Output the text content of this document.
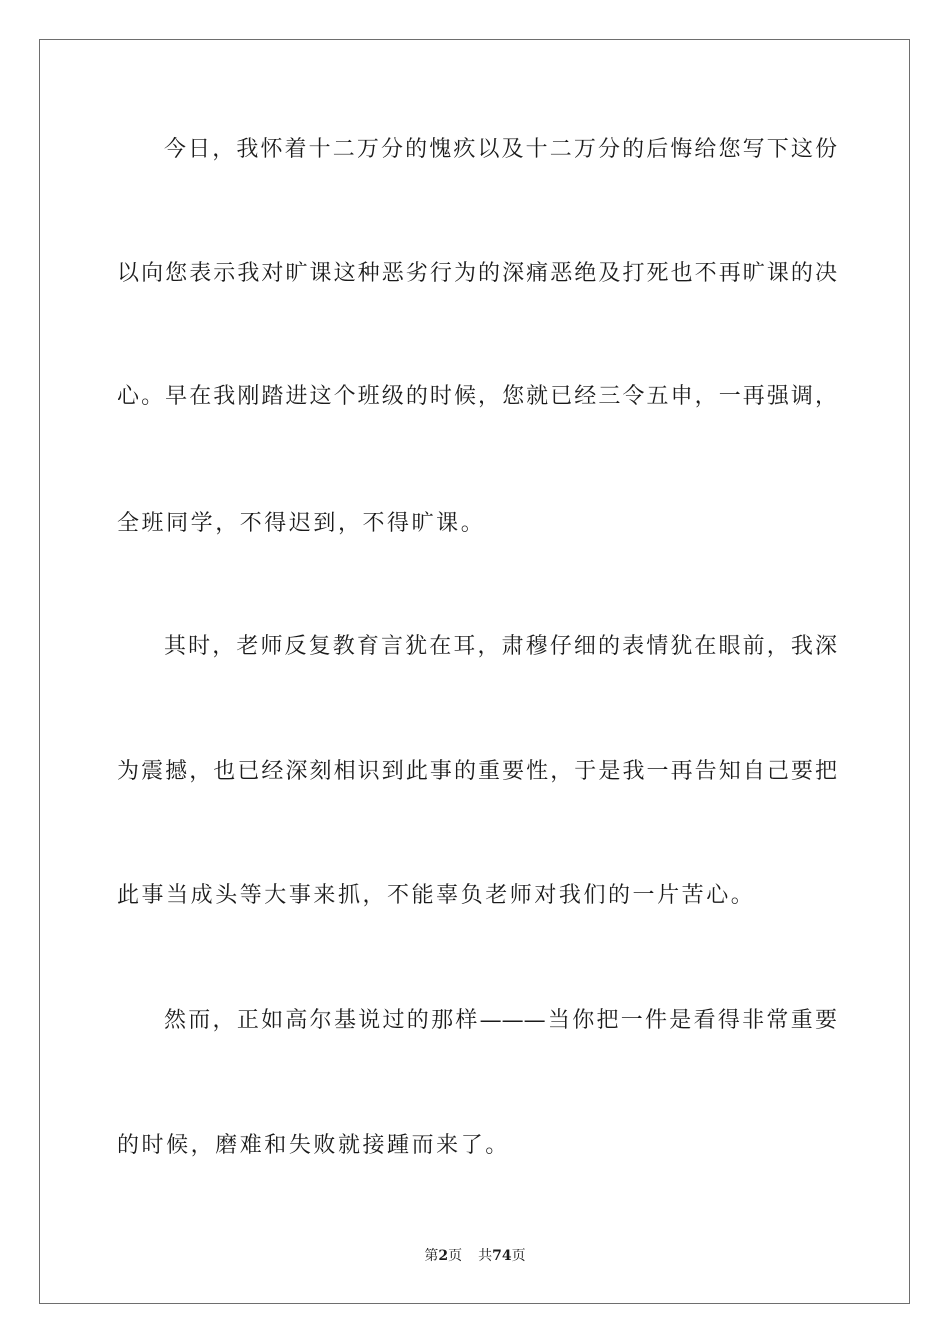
今日，我怀着十二万分的愧疚以及十二万分的后悔给您写下这份
以向您表示我对旷课这种恶劣行为的深痛恶绝及打死也不再旷课的决
心。早在我刚踏进这个班级的时候，您就已经三令五申，一再强调，
全班同学，不得迟到，不得旷课。
其时，老师反复教育言犹在耳，肃穆仔细的表情犹在眼前，我深
为震撼，也已经深刻相识到此事的重要性，于是我一再告知自己要把
此事当成头等大事来抓，不能辜负老师对我们的一片苦心。
然而，正如高尔基说过的那样———当你把一件是看得非常重要
的时候，磨难和失败就接踵而来了。
第2页 共74页
